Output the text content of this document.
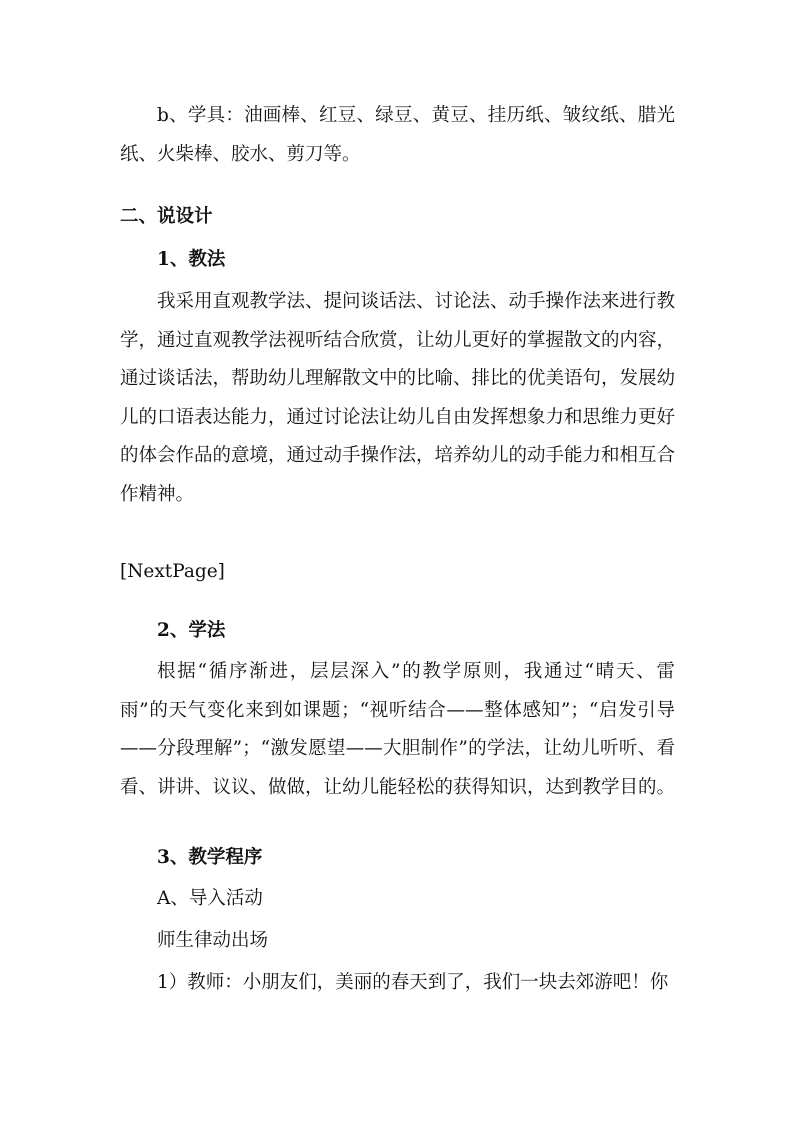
b、学具：油画棒、红豆、绿豆、黄豆、挂历纸、皱纹纸、腊光纸、火柴棒、胶水、剪刀等。

二、说设计

1、教法

我采用直观教学法、提问谈话法、讨论法、动手操作法来进行教学，通过直观教学法视听结合欣赏，让幼儿更好的掌握散文的内容，通过谈话法，帮助幼儿理解散文中的比喻、排比的优美语句，发展幼儿的口语表达能力，通过讨论法让幼儿自由发挥想象力和思维力更好的体会作品的意境，通过动手操作法，培养幼儿的动手能力和相互合作精神。

[NextPage]

2、学法

根据“循序渐进，层层深入”的教学原则，我通过“晴天、雷雨”的天气变化来到如课题；“视听结合——整体感知”；“启发引导——分段理解”；“激发愿望——大胆制作”的学法，让幼儿听听、看看、讲讲、议议、做做，让幼儿能轻松的获得知识，达到教学目的。

3、教学程序

A、导入活动

师生律动出场

1）教师：小朋友们，美丽的春天到了，我们一块去郊游吧！你
